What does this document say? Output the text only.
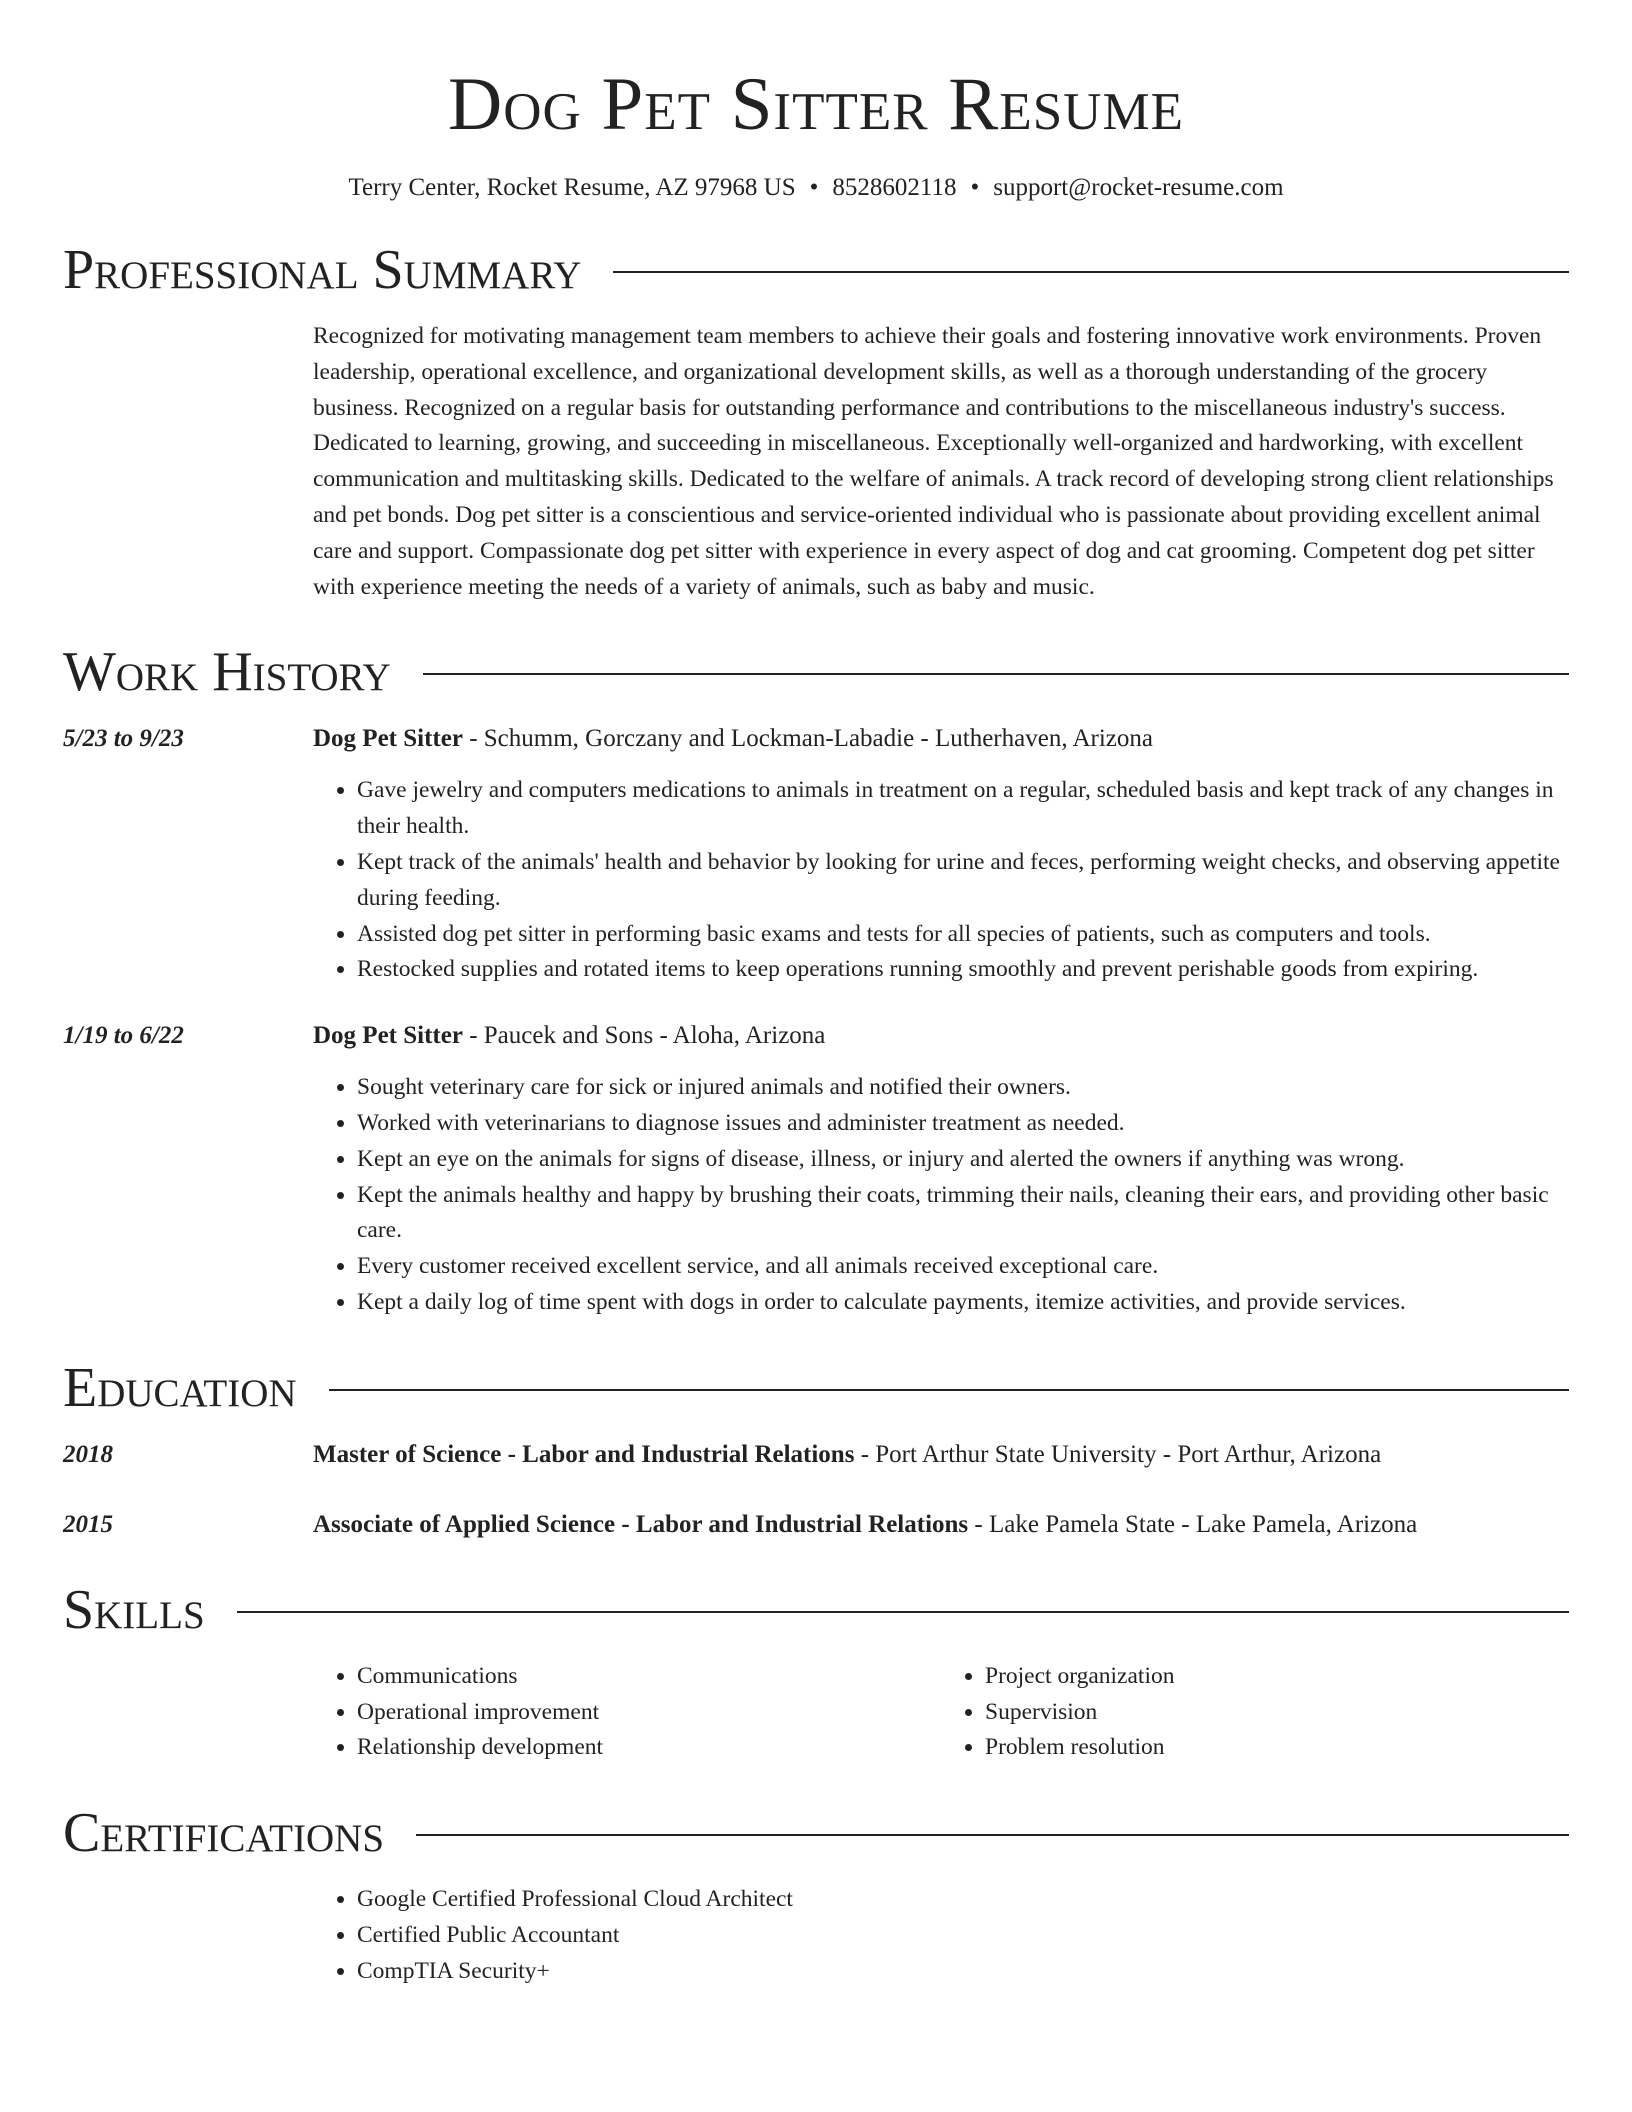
Dog Pet Sitter Resume
Terry Center, Rocket Resume, AZ 97968 US • 8528602118 • support@rocket-resume.com
Professional Summary
Recognized for motivating management team members to achieve their goals and fostering innovative work environments. Proven leadership, operational excellence, and organizational development skills, as well as a thorough understanding of the grocery business. Recognized on a regular basis for outstanding performance and contributions to the miscellaneous industry's success. Dedicated to learning, growing, and succeeding in miscellaneous. Exceptionally well-organized and hardworking, with excellent communication and multitasking skills. Dedicated to the welfare of animals. A track record of developing strong client relationships and pet bonds. Dog pet sitter is a conscientious and service-oriented individual who is passionate about providing excellent animal care and support. Compassionate dog pet sitter with experience in every aspect of dog and cat grooming. Competent dog pet sitter with experience meeting the needs of a variety of animals, such as baby and music.
Work History
5/23 to 9/23	Dog Pet Sitter - Schumm, Gorczany and Lockman-Labadie - Lutherhaven, Arizona
• Gave jewelry and computers medications to animals in treatment on a regular, scheduled basis and kept track of any changes in their health.
• Kept track of the animals' health and behavior by looking for urine and feces, performing weight checks, and observing appetite during feeding.
• Assisted dog pet sitter in performing basic exams and tests for all species of patients, such as computers and tools.
• Restocked supplies and rotated items to keep operations running smoothly and prevent perishable goods from expiring.
1/19 to 6/22	Dog Pet Sitter - Paucek and Sons - Aloha, Arizona
• Sought veterinary care for sick or injured animals and notified their owners.
• Worked with veterinarians to diagnose issues and administer treatment as needed.
• Kept an eye on the animals for signs of disease, illness, or injury and alerted the owners if anything was wrong.
• Kept the animals healthy and happy by brushing their coats, trimming their nails, cleaning their ears, and providing other basic care.
• Every customer received excellent service, and all animals received exceptional care.
• Kept a daily log of time spent with dogs in order to calculate payments, itemize activities, and provide services.
Education
2018	Master of Science - Labor and Industrial Relations - Port Arthur State University - Port Arthur, Arizona
2015	Associate of Applied Science - Labor and Industrial Relations - Lake Pamela State - Lake Pamela, Arizona
Skills
• Communications
• Operational improvement
• Relationship development
• Project organization
• Supervision
• Problem resolution
Certifications
• Google Certified Professional Cloud Architect
• Certified Public Accountant
• CompTIA Security+
